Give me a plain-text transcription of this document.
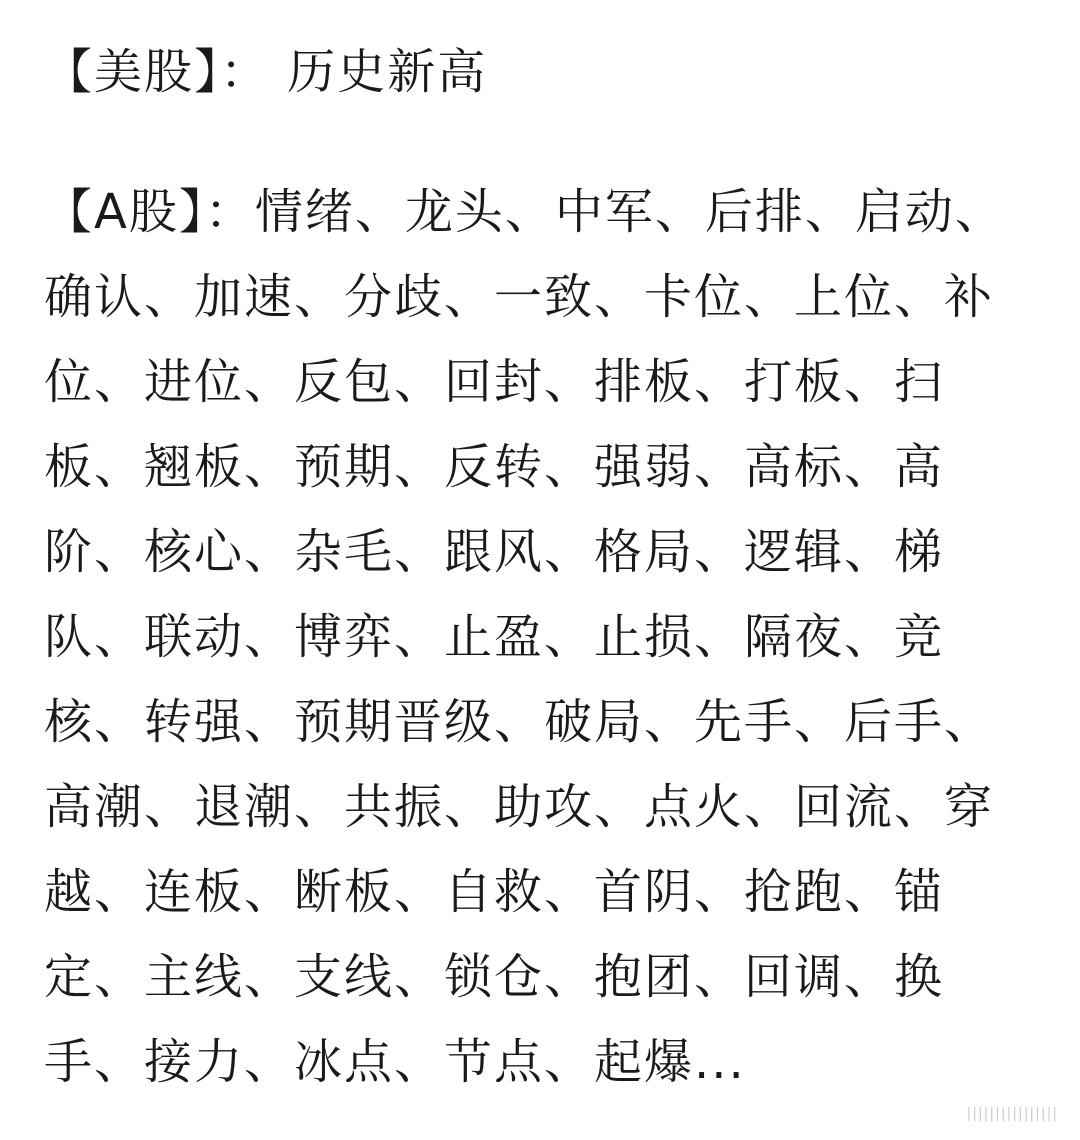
【美股】： 历史新高
【A股】：情绪、龙头、中军、后排、启动、
确认、加速、分歧、一致、卡位、上位、补
位、进位、反包、回封、排板、打板、扫
板、翘板、预期、反转、强弱、高标、高
阶、核心、杂毛、跟风、格局、逻辑、梯
队、联动、博弈、止盈、止损、隔夜、竞
核、转强、预期晋级、破局、先手、后手、
高潮、退潮、共振、助攻、点火、回流、穿
越、连板、断板、自救、首阴、抢跑、锚
定、主线、支线、锁仓、抱团、回调、换
手、接力、冰点、节点、起爆...
||||||||||||||||
